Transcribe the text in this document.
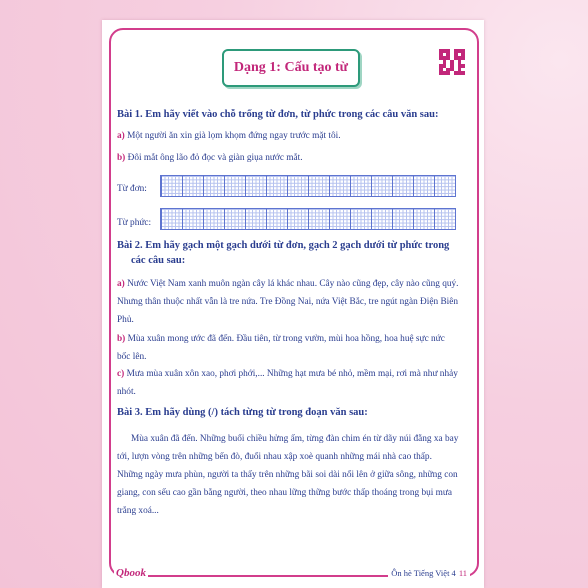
Dạng 1: Cấu tạo từ
Bài 1. Em hãy viết vào chỗ trống từ đơn, từ phức trong các câu văn sau:
a) Một người ăn xin già lọm khọm đứng ngay trước mặt tôi.
b) Đôi mắt ông lão đỏ đọc và giàn giụa nước mắt.
Từ đơn:
Từ phức:
Bài 2. Em hãy gạch một gạch dưới từ đơn, gạch 2 gạch dưới từ phức trong
các câu sau:
a) Nước Việt Nam xanh muôn ngàn cây lá khác nhau. Cây nào cũng đẹp, cây nào cũng quý. Nhưng thân thuộc nhất vẫn là tre nứa. Tre Đồng Nai, nứa Việt Bắc, tre ngút ngàn Điện Biên Phủ.
b) Mùa xuân mong ước đã đến. Đầu tiên, từ trong vườn, mùi hoa hồng, hoa huệ sực nức bốc lên.
c) Mưa mùa xuân xôn xao, phơi phới,... Những hạt mưa bé nhỏ, mềm mại, rơi mà như nhảy nhót.
Bài 3. Em hãy dùng (/) tách từng từ trong đoạn văn sau:
Mùa xuân đã đến. Những buổi chiều hửng ấm, từng đàn chim én từ dãy núi đằng xa bay tới, lượn vòng trên những bến đò, đuổi nhau xập xoè quanh những mái nhà cao thấp. Những ngày mưa phùn, người ta thấy trên những bãi soi dài nổi lên ở giữa sông, những con giang, con sếu cao gần bằng người, theo nhau lững thững bước thấp thoáng trong bụi mưa trắng xoá...
Qbook	Ôn hè Tiếng Việt 4 11
